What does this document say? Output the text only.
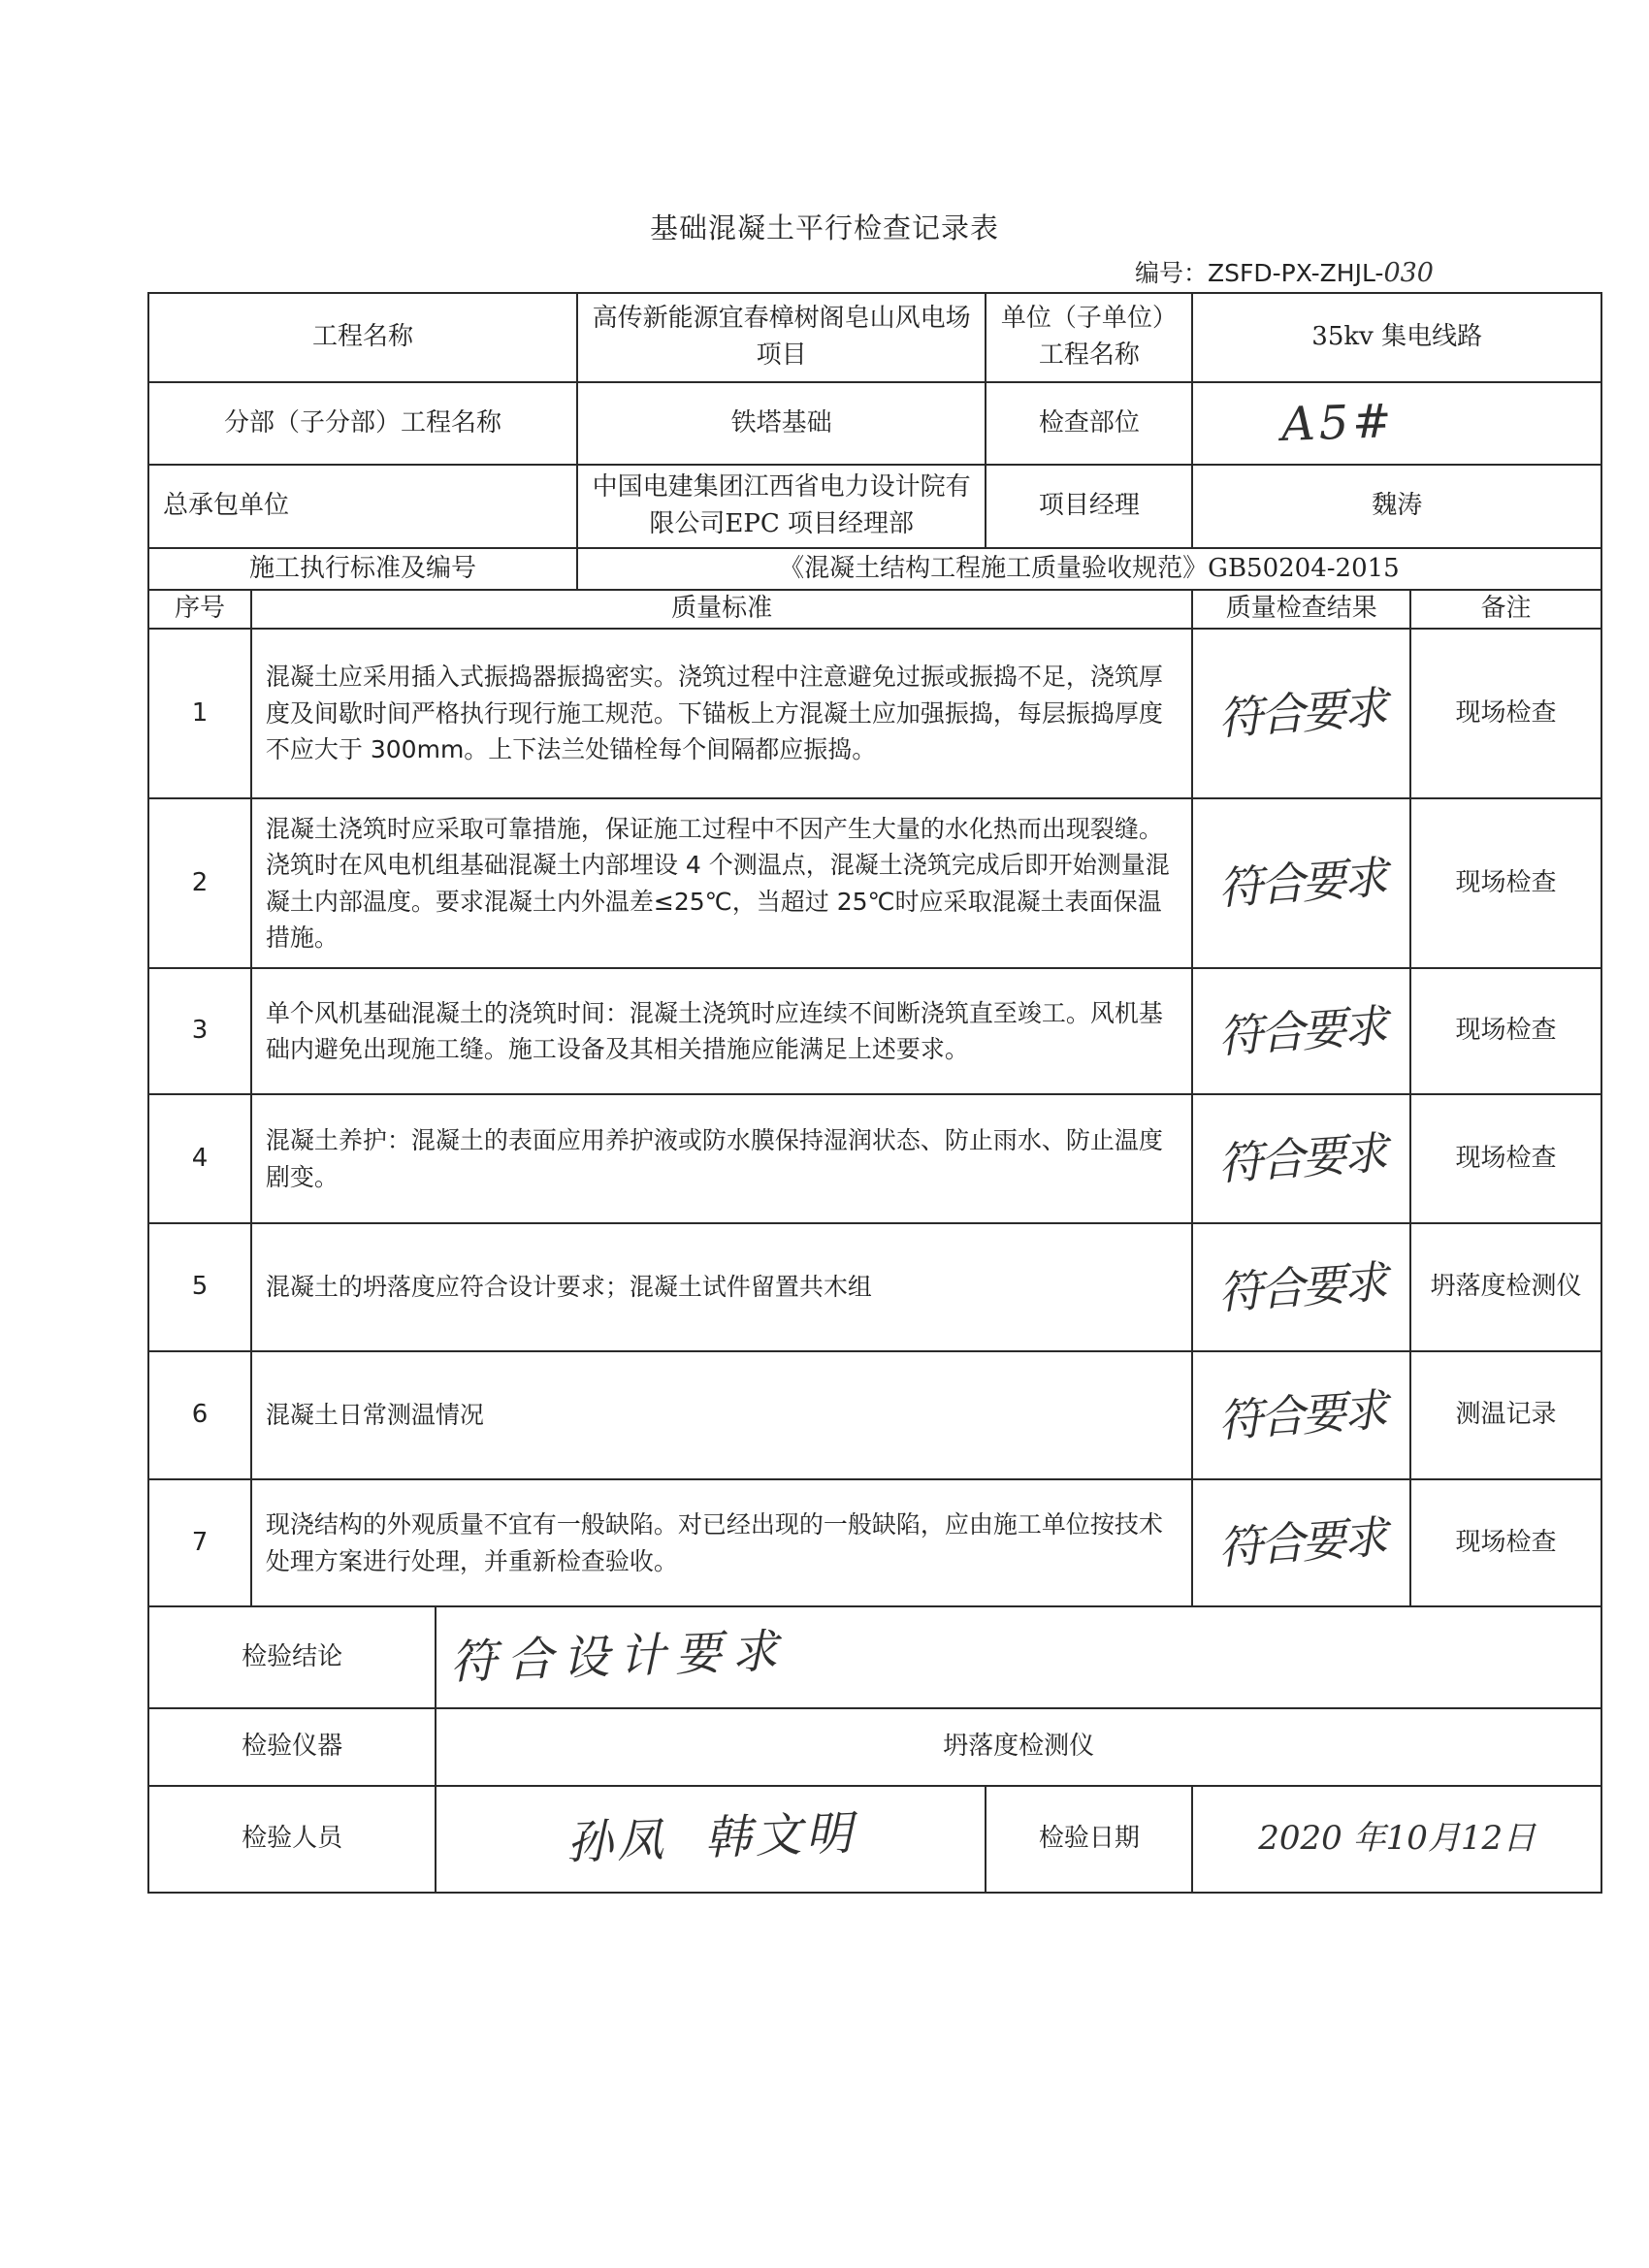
基础混凝土平行检查记录表
编号：ZSFD-PX-ZHJL-030
工程名称			高传新能源宜春樟树阁皂山风电场项目	单位（子单位）工程名称	35kv 集电线路	
分部（子分部）工程名称			铁塔基础	检查部位	A5#	
总承包单位			中国电建集团江西省电力设计院有限公司EPC 项目经理部	项目经理	魏涛	
施工执行标准及编号			《混凝土结构工程施工质量验收规范》GB50204-2015			
序号	质量标准				质量检查结果	备注
1	混凝土应采用插入式振捣器振捣密实。浇筑过程中注意避免过振或振捣不足，浇筑厚度及间歇时间严格执行现行施工规范。下锚板上方混凝土应加强振捣，每层振捣厚度不应大于 300mm。上下法兰处锚栓每个间隔都应振捣。				符合要求	现场检查
2	混凝土浇筑时应采取可靠措施，保证施工过程中不因产生大量的水化热而出现裂缝。浇筑时在风电机组基础混凝土内部埋设 4 个测温点，混凝土浇筑完成后即开始测量混凝土内部温度。要求混凝土内外温差≤25℃，当超过 25℃时应采取混凝土表面保温措施。				符合要求	现场检查
3	单个风机基础混凝土的浇筑时间：混凝土浇筑时应连续不间断浇筑直至竣工。风机基础内避免出现施工缝。施工设备及其相关措施应能满足上述要求。				符合要求	现场检查
4	混凝土养护：混凝土的表面应用养护液或防水膜保持湿润状态、防止雨水、防止温度剧变。				符合要求	现场检查
5	混凝土的坍落度应符合设计要求；混凝土试件留置共木组				符合要求	坍落度检测仪
6	混凝土日常测温情况				符合要求	测温记录
7	现浇结构的外观质量不宜有一般缺陷。对已经出现的一般缺陷，应由施工单位按技术处理方案进行处理，并重新检查验收。				符合要求	现场检查
检验结论		符合设计要求				
检验仪器		坍落度检测仪				
检验人员		孙凤  韩文明		检验日期	2020 年10月12日	
